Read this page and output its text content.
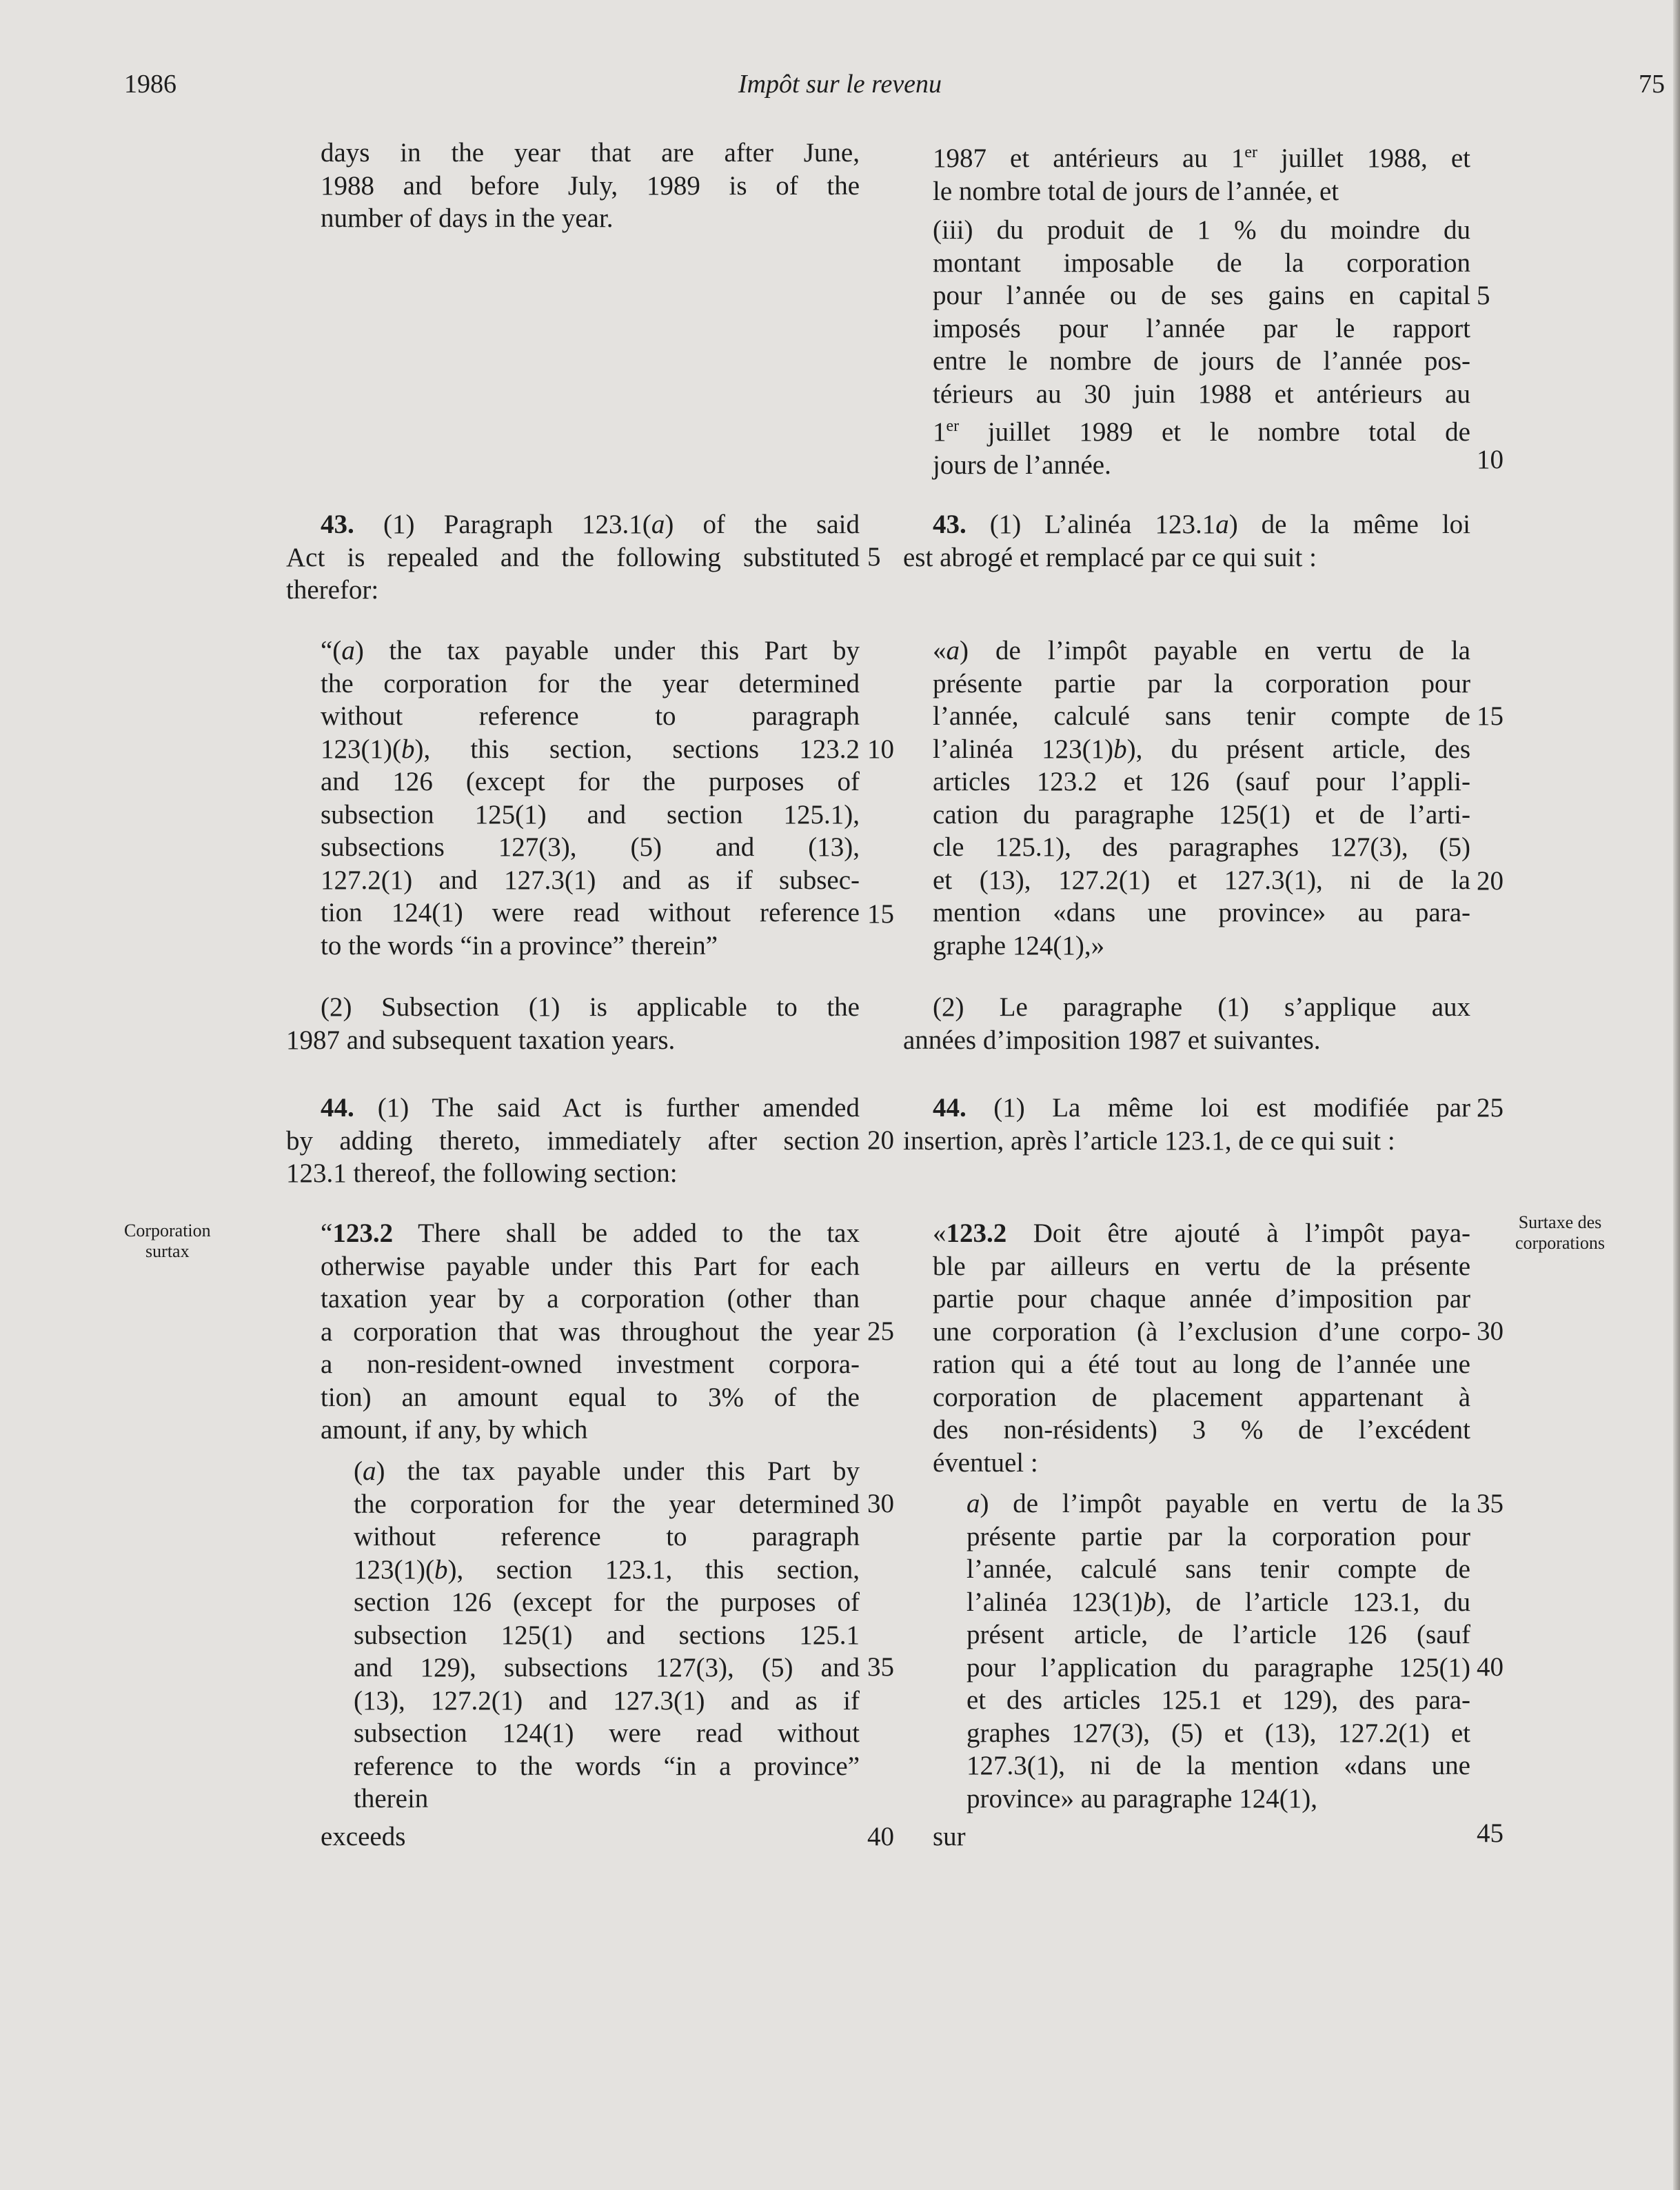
1986	Impôt sur le revenu	75

days in the year that are after June,

1988 and before July, 1989 is of the

number of days in the year.

43. (1) Paragraph 123.1(a) of the said

Act is repealed and the following substituted

therefor:

“(a) the tax payable under this Part by

the corporation for the year determined

without reference to paragraph

123(1)(b), this section, sections 123.2

and 126 (except for the purposes of

subsection 125(1) and section 125.1),

subsections 127(3), (5) and (13),

127.2(1) and 127.3(1) and as if subsec-

tion 124(1) were read without reference

to the words “in a province” therein”

(2) Subsection (1) is applicable to the

1987 and subsequent taxation years.

44. (1) The said Act is further amended

by adding thereto, immediately after section

123.1 thereof, the following section:

Corporation
surtax

“123.2 There shall be added to the tax

otherwise payable under this Part for each

taxation year by a corporation (other than

a corporation that was throughout the year

a non-resident-owned investment corpora-

tion) an amount equal to 3% of the

amount, if any, by which

(a) the tax payable under this Part by

the corporation for the year determined

without reference to paragraph

123(1)(b), section 123.1, this section,

section 126 (except for the purposes of

subsection 125(1) and sections 125.1

and 129), subsections 127(3), (5) and

(13), 127.2(1) and 127.3(1) and as if

subsection 124(1) were read without

reference to the words “in a province”

therein

exceeds
5
10
15
20
25
30
35
40

1987 et antérieurs au 1er juillet 1988, et

le nombre total de jours de l’année, et

(iii) du produit de 1 % du moindre du

montant imposable de la corporation

pour l’année ou de ses gains en capital

imposés pour l’année par le rapport

entre le nombre de jours de l’année pos-

térieurs au 30 juin 1988 et antérieurs au

1er juillet 1989 et le nombre total de

jours de l’année.

43. (1) L’alinéa 123.1a) de la même loi

est abrogé et remplacé par ce qui suit :

«a) de l’impôt payable en vertu de la

présente partie par la corporation pour

l’année, calculé sans tenir compte de

l’alinéa 123(1)b), du présent article, des

articles 123.2 et 126 (sauf pour l’appli-

cation du paragraphe 125(1) et de l’arti-

cle 125.1), des paragraphes 127(3), (5)

et (13), 127.2(1) et 127.3(1), ni de la

mention «dans une province» au para-

graphe 124(1),»

(2) Le paragraphe (1) s’applique aux

années d’imposition 1987 et suivantes.

44. (1) La même loi est modifiée par

insertion, après l’article 123.1, de ce qui suit :

Surtaxe des
corporations

«123.2 Doit être ajouté à l’impôt paya-

ble par ailleurs en vertu de la présente

partie pour chaque année d’imposition par

une corporation (à l’exclusion d’une corpo-

ration qui a été tout au long de l’année une

corporation de placement appartenant à

des non-résidents) 3 % de l’excédent

éventuel :

a) de l’impôt payable en vertu de la

présente partie par la corporation pour

l’année, calculé sans tenir compte de

l’alinéa 123(1)b), de l’article 123.1, du

présent article, de l’article 126 (sauf

pour l’application du paragraphe 125(1)

et des articles 125.1 et 129), des para-

graphes 127(3), (5) et (13), 127.2(1) et

127.3(1), ni de la mention «dans une

province» au paragraphe 124(1),

sur
5
10
15
20
25
30
35
40
45
